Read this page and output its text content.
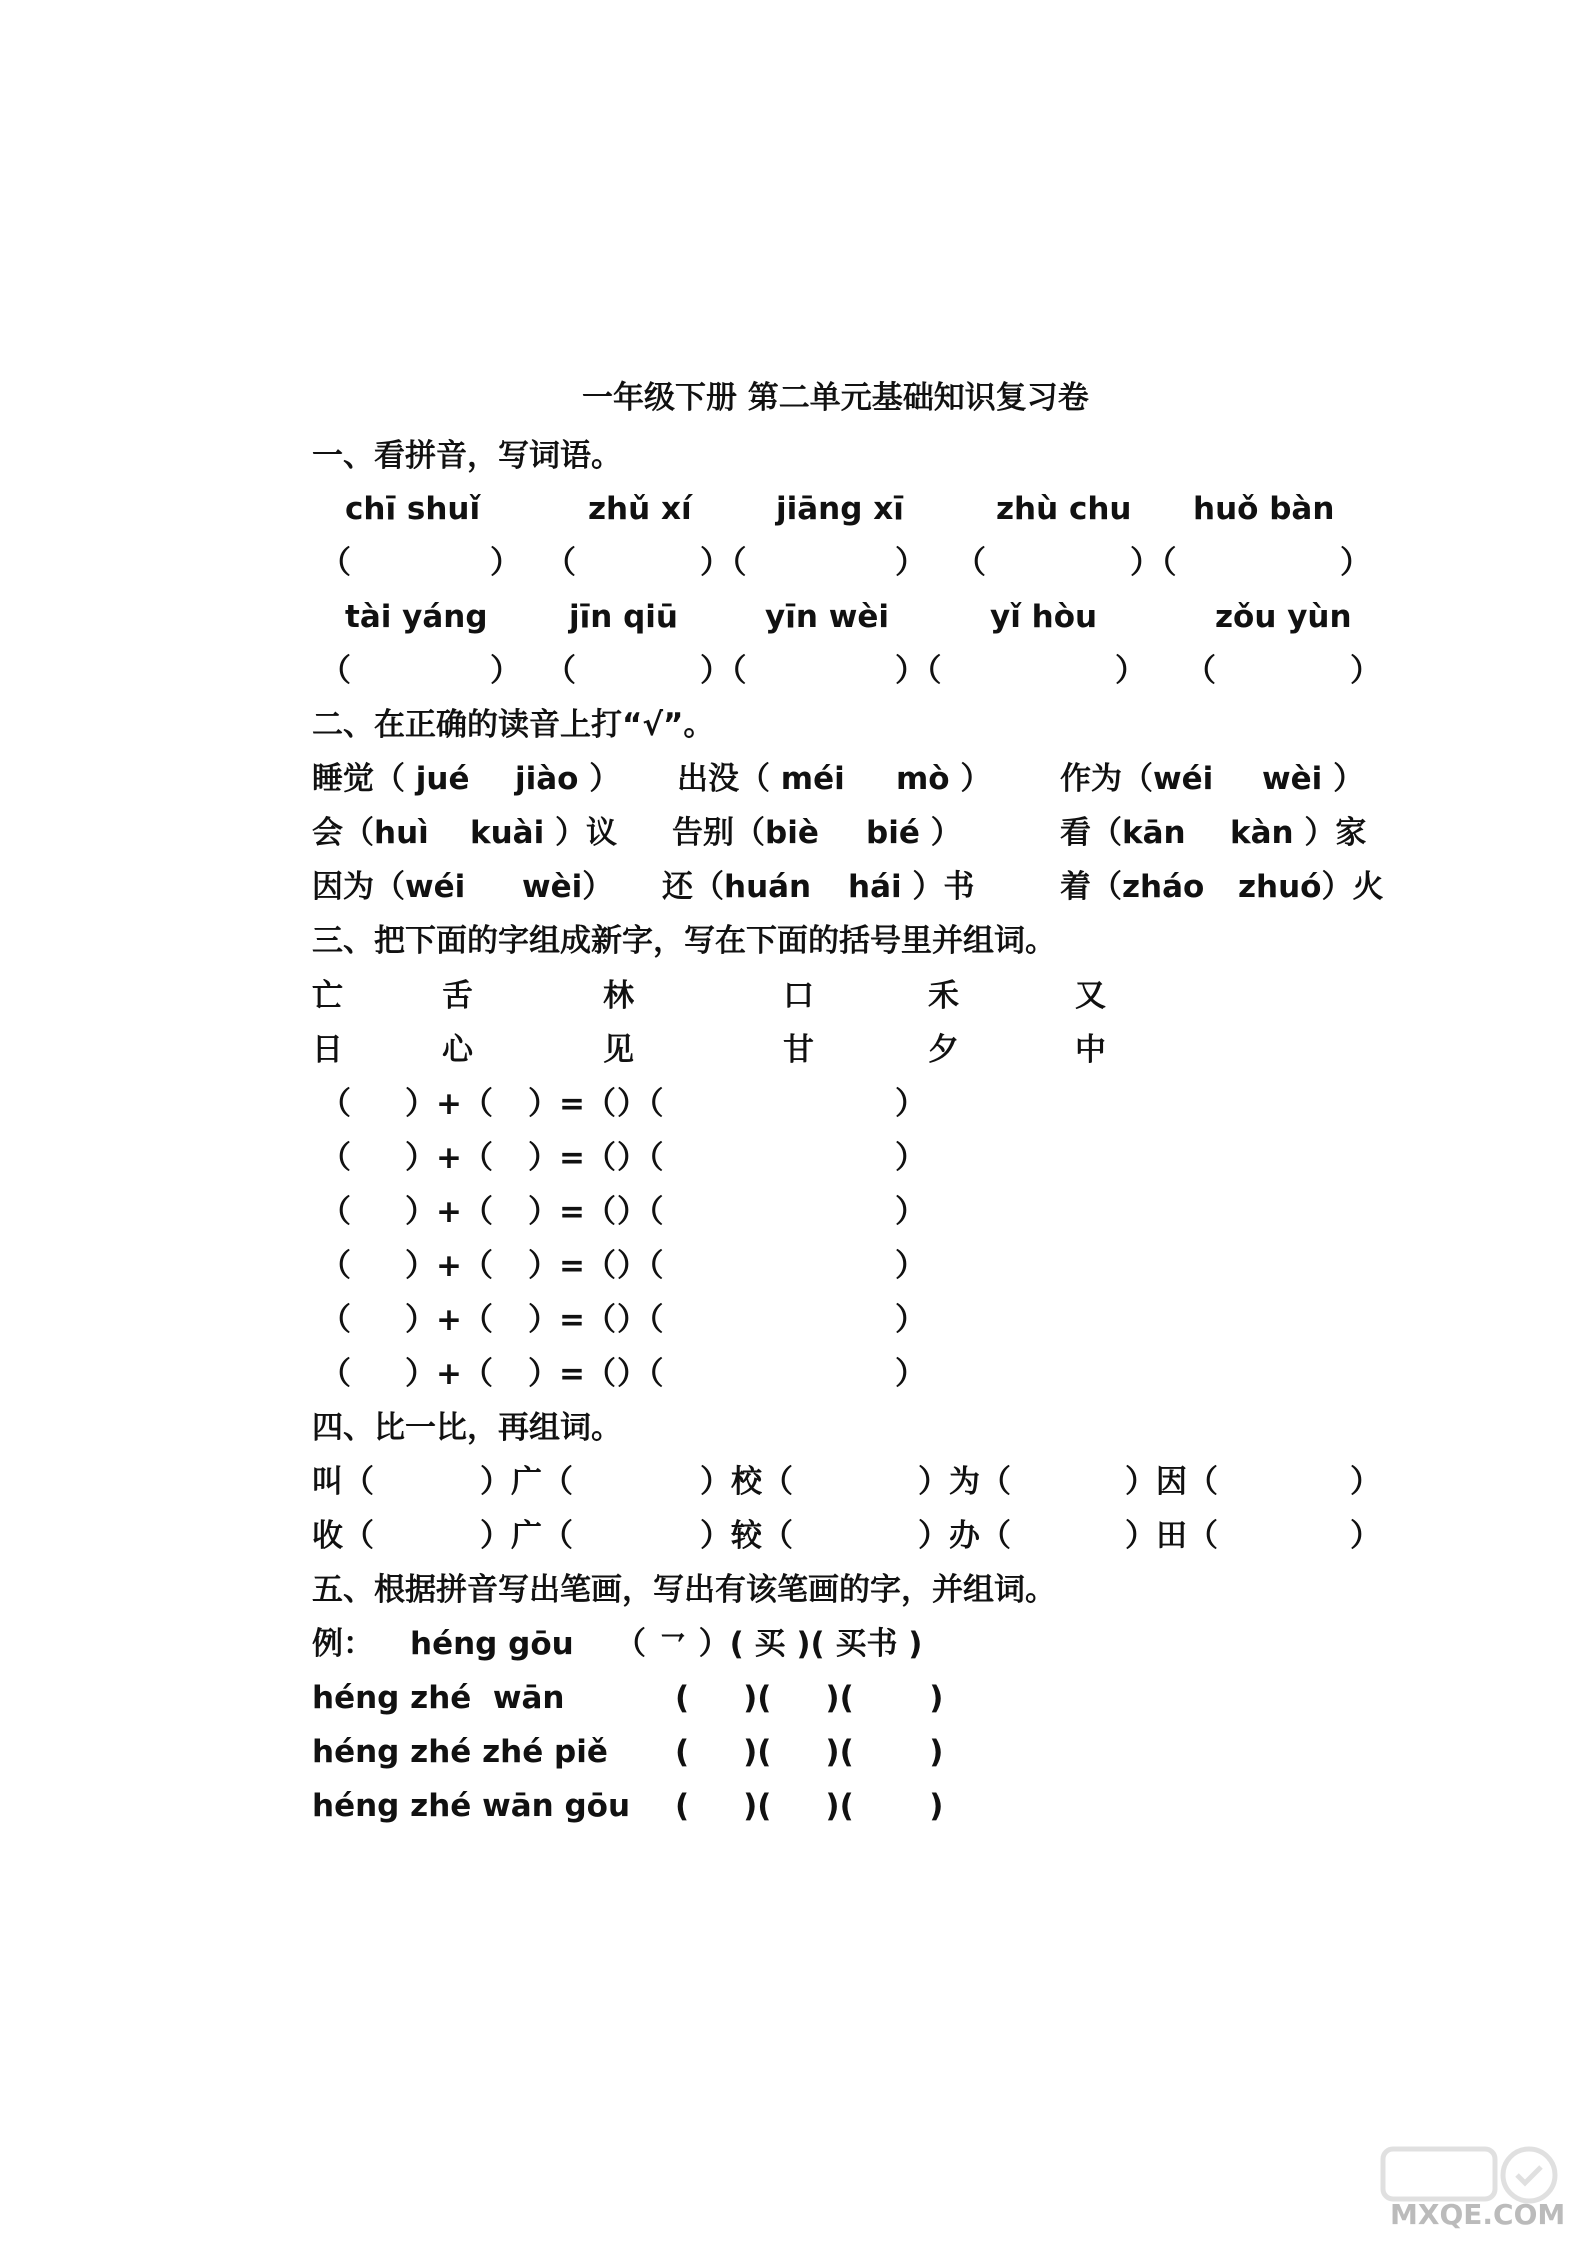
一年级下册 第二单元基础知识复习卷
一、看拼音，写词语。
chī shuǐ	zhǔ xí	jiāng xī	zhù chu huǒ bàn
（	） （	）（	） （	）（	）
tài yáng	jīn qiū	yīn wèi	yǐ hòu	zǒu yùn
（	） （	）（	）（	） （	）
二、在正确的读音上打“√”。
睡觉（ jué jiào ） 出没（ méi mò ） 作为（wéi wèi ）
会（huì kuài ）议 告别（biè bié ）	看（kān kàn ）家
因为（wéi wèi） 还（huán hái ）书	着（zháo zhuó）火
三、把下面的字组成新字，写在下面的括号里并组词。
亡	舌	林	口	禾	又
日	心	见	甘	夕	中
（ ）+（ ）=（ ）（	）
（ ）+（ ）=（ ）（	）
（ ）+（ ）=（ ）（	）
（ ）+（ ）=（ ）（	）
（ ）+（ ）=（ ）（	）
（ ）+（ ）=（ ）（	）
四、比一比，再组词。
叫（	）广（	）校（	）为（	）因（	）
收（	）广（	）较（	）办（	）田（	）
五、根据拼音写出笔画，写出有该笔画的字，并组词。
例： héng gōu （ ㇖ ）( 买 )( 买书 )
héng zhé  wān	(     )(     )(       )
héng zhé zhé piě (     )(     )(       )
héng zhé wān gōu (     )(     )(       )
MXQE.COM
